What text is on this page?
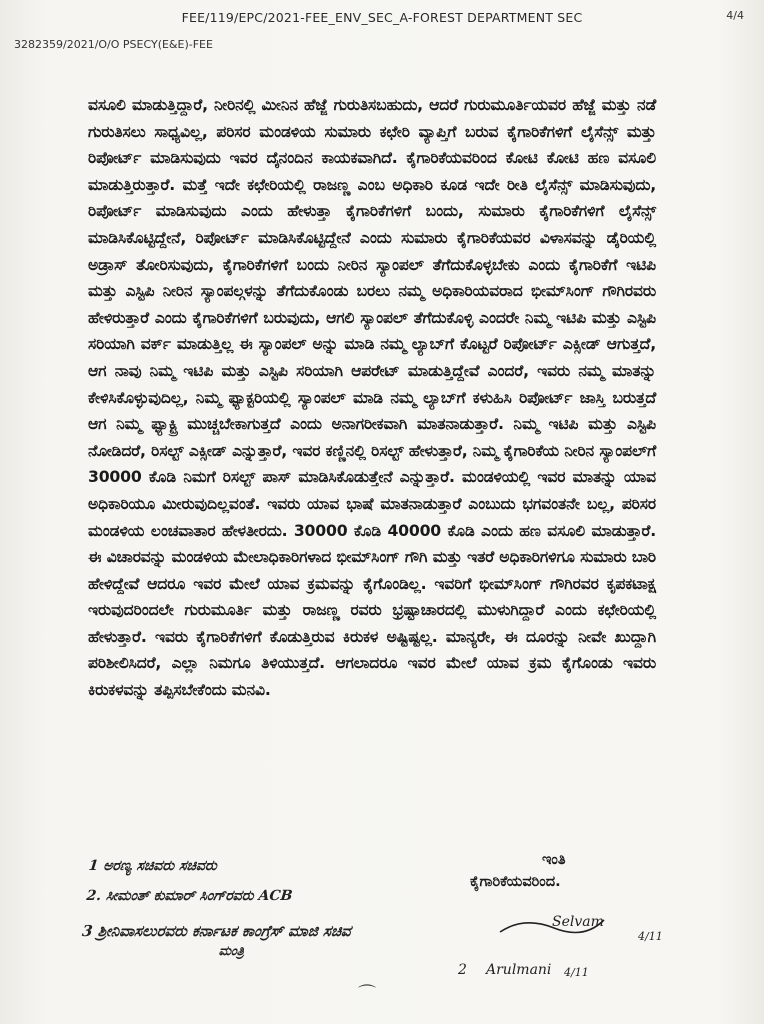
FEE/119/EPC/2021-FEE_ENV_SEC_A-FOREST DEPARTMENT SEC	4/4
3282359/2021/O/O PSECY(E&E)-FEE

ವಸೂಲಿ ಮಾಡುತ್ತಿದ್ದಾರೆ, ನೀರಿನಲ್ಲಿ ಮೀನಿನ ಹೆಜ್ಜೆ ಗುರುತಿಸಬಹುದು, ಆದರೆ ಗುರುಮೂರ್ತಿಯವರ ಹೆಜ್ಜೆ ಮತ್ತು ನಡೆ ಗುರುತಿಸಲು ಸಾಧ್ಯವಿಲ್ಲ, ಪರಿಸರ ಮಂಡಳಿಯ ಸುಮಾರು ಕಛೇರಿ ವ್ಯಾಪ್ತಿಗೆ ಬರುವ ಕೈಗಾರಿಕೆಗಳಿಗೆ ಲೈಸೆನ್ಸ್ ಮತ್ತು ರಿಪೋರ್ಟ್ ಮಾಡಿಸುವುದು ಇವರ ದೈನಂದಿನ ಕಾಯಕವಾಗಿದೆ. ಕೈಗಾರಿಕೆಯವರಿಂದ ಕೋಟಿ ಕೋಟಿ ಹಣ ವಸೂಲಿ ಮಾಡುತ್ತಿರುತ್ತಾರೆ. ಮತ್ತೆ ಇದೇ ಕಛೇರಿಯಲ್ಲಿ ರಾಜಣ್ಣ ಎಂಬ ಅಧಿಕಾರಿ ಕೂಡ ಇದೇ ರೀತಿ ಲೈಸೆನ್ಸ್ ಮಾಡಿಸುವುದು, ರಿಪೋರ್ಟ್ ಮಾಡಿಸುವುದು ಎಂದು ಹೇಳುತ್ತಾ ಕೈಗಾರಿಕೆಗಳಿಗೆ ಬಂದು, ಸುಮಾರು ಕೈಗಾರಿಕೆಗಳಿಗೆ ಲೈಸೆನ್ಸ್ ಮಾಡಿಸಿಕೊಟ್ಟಿದ್ದೇನೆ, ರಿಪೋರ್ಟ್ ಮಾಡಿಸಿಕೊಟ್ಟಿದ್ದೇನೆ ಎಂದು ಸುಮಾರು ಕೈಗಾರಿಕೆಯವರ ವಿಳಾಸವನ್ನು ಡೈರಿಯಲ್ಲಿ ಅಡ್ರಾಸ್ ತೋರಿಸುವುದು, ಕೈಗಾರಿಕೆಗಳಿಗೆ ಬಂದು ನೀರಿನ ಸ್ಯಾಂಪಲ್ ತೆಗೆದುಕೊಳ್ಳಬೇಕು ಎಂದು ಕೈಗಾರಿಕೆಗೆ ಇಟಿಪಿ ಮತ್ತು ಎಸ್ಟಿಪಿ ನೀರಿನ ಸ್ಯಾಂಪಲ್ಗಳನ್ನು ತೆಗೆದುಕೊಂಡು ಬರಲು ನಮ್ಮ ಅಧಿಕಾರಿಯವರಾದ ಭೀಮ್‌ಸಿಂಗ್ ಗೌಗಿರವರು ಹೇಳಿರುತ್ತಾರೆ ಎಂದು ಕೈಗಾರಿಕೆಗಳಿಗೆ ಬರುವುದು, ಆಗಲಿ ಸ್ಯಾಂಪಲ್ ತೆಗೆದುಕೊಳ್ಳಿ ಎಂದರೇ ನಿಮ್ಮ ಇಟಿಪಿ ಮತ್ತು ಎಸ್ಟಿಪಿ ಸರಿಯಾಗಿ ವರ್ಕ್ ಮಾಡುತ್ತಿಲ್ಲ ಈ ಸ್ಯಾಂಪಲ್ ಅನ್ನು ಮಾಡಿ ನಮ್ಮ ಲ್ಯಾಬ್‌ಗೆ ಕೊಟ್ಟರೆ ರಿಪೋರ್ಟ್ ಎಕ್ಸೀಡ್ ಆಗುತ್ತದೆ, ಆಗ ನಾವು ನಿಮ್ಮ ಇಟಿಪಿ ಮತ್ತು ಎಸ್ಟಿಪಿ ಸರಿಯಾಗಿ ಆಪರೇಟ್ ಮಾಡುತ್ತಿದ್ದೇವೆ ಎಂದರೆ, ಇವರು ನಮ್ಮ ಮಾತನ್ನು ಕೇಳಿಸಿಕೊಳ್ಳುವುದಿಲ್ಲ, ನಿಮ್ಮ ಫ್ಯಾಕ್ಟರಿಯಲ್ಲಿ ಸ್ಯಾಂಪಲ್ ಮಾಡಿ ನಮ್ಮ ಲ್ಯಾಬ್‌ಗೆ ಕಳುಹಿಸಿ ರಿಪೋರ್ಟ್ ಜಾಸ್ತಿ ಬರುತ್ತದೆ ಆಗ ನಿಮ್ಮ ಫ್ಯಾಕ್ಟ್ರಿ ಮುಚ್ಚಬೇಕಾಗುತ್ತದೆ ಎಂದು ಅನಾಗರೀಕವಾಗಿ ಮಾತನಾಡುತ್ತಾರೆ. ನಿಮ್ಮ ಇಟಿಪಿ ಮತ್ತು ಎಸ್ಟಿಪಿ ನೋಡಿದರೆ, ರಿಸಲ್ಟ್ ಎಕ್ಸೀಡ್ ಎನ್ನುತ್ತಾರೆ, ಇವರ ಕಣ್ಣಿನಲ್ಲಿ ರಿಸಲ್ಟ್ ಹೇಳುತ್ತಾರೆ, ನಿಮ್ಮ ಕೈಗಾರಿಕೆಯ ನೀರಿನ ಸ್ಯಾಂಪಲ್‌ಗೆ 30000 ಕೊಡಿ ನಿಮಗೆ ರಿಸಲ್ಟ್ ಪಾಸ್ ಮಾಡಿಸಿಕೊಡುತ್ತೇನೆ ಎನ್ನುತ್ತಾರೆ. ಮಂಡಳಿಯಲ್ಲಿ ಇವರ ಮಾತನ್ನು ಯಾವ ಅಧಿಕಾರಿಯೂ ಮೀರುವುದಿಲ್ಲವಂತೆ. ಇವರು ಯಾವ ಭಾಷೆ ಮಾತನಾಡುತ್ತಾರೆ ಎಂಬುದು ಭಗವಂತನೇ ಬಲ್ಲ, ಪರಿಸರ ಮಂಡಳಿಯ ಲಂಚವಾತಾರ ಹೇಳತೀರದು. 30000 ಕೊಡಿ 40000 ಕೊಡಿ ಎಂದು ಹಣ ವಸೂಲಿ ಮಾಡುತ್ತಾರೆ. ಈ ವಿಚಾರವನ್ನು ಮಂಡಳಿಯ ಮೇಲಾಧಿಕಾರಿಗಳಾದ ಭೀಮ್‌ಸಿಂಗ್ ಗೌಗಿ ಮತ್ತು ಇತರೆ ಅಧಿಕಾರಿಗಳಿಗೂ ಸುಮಾರು ಬಾರಿ ಹೇಳಿದ್ದೇವೆ ಆದರೂ ಇವರ ಮೇಲೆ ಯಾವ ಕ್ರಮವನ್ನು ಕೈಗೊಂಡಿಲ್ಲ. ಇವರಿಗೆ ಭೀಮ್‌ಸಿಂಗ್ ಗೌಗಿರವರ ಕೃಪಕಟಾಕ್ಷ ಇರುವುದರಿಂದಲೇ ಗುರುಮೂರ್ತಿ ಮತ್ತು ರಾಜಣ್ಣ ರವರು ಭ್ರಷ್ಟಾಚಾರದಲ್ಲಿ ಮುಳುಗಿದ್ದಾರೆ ಎಂದು ಕಛೇರಿಯಲ್ಲಿ ಹೇಳುತ್ತಾರೆ. ಇವರು ಕೈಗಾರಿಕೆಗಳಿಗೆ ಕೊಡುತ್ತಿರುವ ಕಿರುಕಳ ಅಷ್ಟಿಷ್ಟಲ್ಲ. ಮಾನ್ಯರೇ, ಈ ದೂರನ್ನು ನೀವೇ ಖುದ್ದಾಗಿ ಪರಿಶೀಲಿಸಿದರೆ, ಎಲ್ಲಾ ನಿಮಗೂ ತಿಳಿಯುತ್ತದೆ. ಆಗಲಾದರೂ ಇವರ ಮೇಲೆ ಯಾವ ಕ್ರಮ ಕೈಗೊಂಡು ಇವರು ಕಿರುಕಳವನ್ನು ತಪ್ಪಿಸಬೇಕೆಂದು ಮನವಿ.

1 ಅರಣ್ಯ ಸಚಿವರು ಸಚಿವರು
2. ಸೀಮಂತ್ ಕುಮಾರ್ ಸಿಂಗ್‌ರವರು ACB
3 ಶ್ರೀನಿವಾಸಲುರವರು ಕರ್ನಾಟಕ ಕಾಂಗ್ರೆಸ್ ಮಾಜಿ ಸಚಿವ
ಮಂತ್ರಿ
ಇಂತಿ
ಕೈಗಾರಿಕೆಯವರಿಂದ.
Selvam
4/11
2 Arulmani 4/11
⌒
